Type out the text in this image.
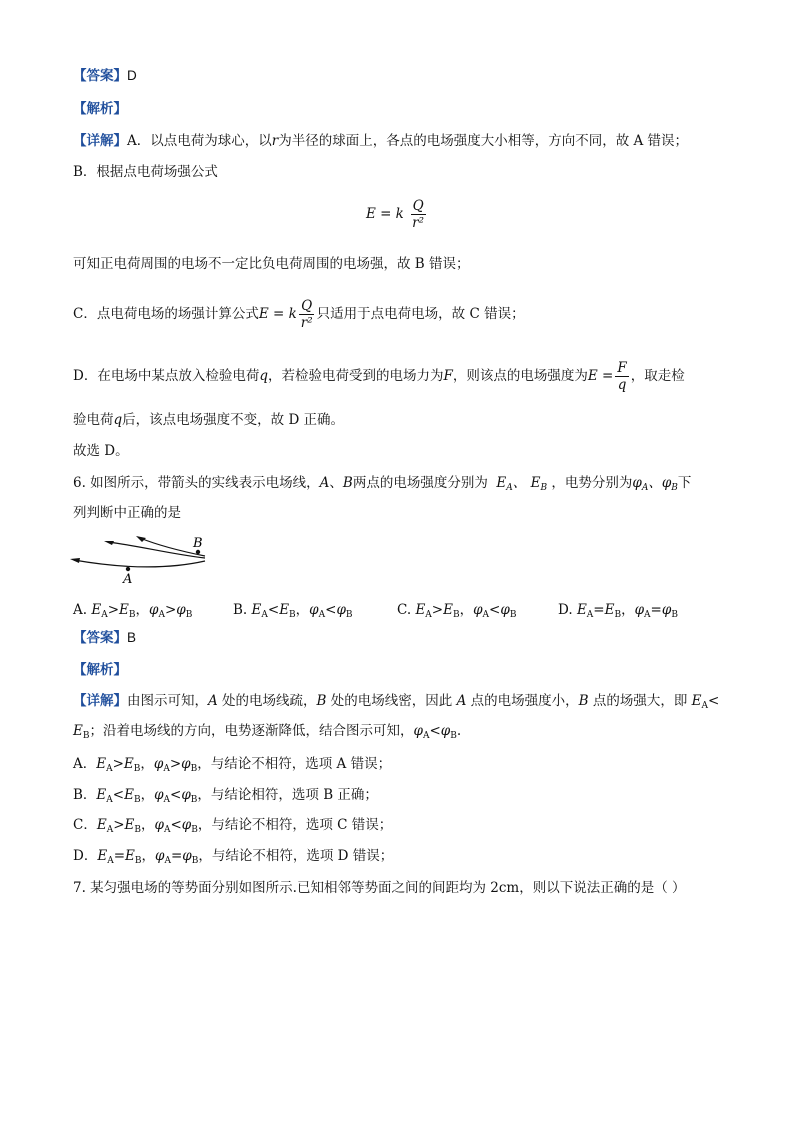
【答案】D
【解析】
【详解】A．以点电荷为球心，以r为半径的球面上，各点的电场强度大小相等，方向不同，故 A 错误；
B．根据点电荷场强公式
E = k $\frac{Q}{\text{r²}}$
可知正电荷周围的电场不一定比负电荷周围的电场强，故 B 错误；
C．点电荷电场的场强计算公式E = k $\frac{Q}{\text{r²}}$ 只适用于点电荷电场，故 C 错误；
D．在电场中某点放入检验电荷q，若检验电荷受到的电场力为F，则该点的电场强度为$E = \frac{F}{q}$ ，取走检
验电荷q后，该点电场强度不变，故 D 正确。
故选 D。
6. 如图所示，带箭头的实线表示电场线，A、B两点的电场强度分别为  $E_A$、 $E_B$ ，电势分别为$\varphi_A$、$\varphi_B$下
列判断中正确的是
B
A
A. $E_A>E_B$，$\varphi_A>\varphi_B$	B. $E_A<E_B$，$\varphi_A<\varphi_B$	C. $E_A>E_B$，$\varphi_A<\varphi_B$	D. $E_A=E_B$，$\varphi_A=\varphi_B$
【答案】B
【解析】
【详解】由图示可知，A 处的电场线疏，B 处的电场线密，因此 A 点的电场强度小，B 点的场强大，即 $E_A<$
$E_B$；沿着电场线的方向，电势逐渐降低，结合图示可知，$\varphi_A<\varphi_B$.
A．$E_A>E_B$，$\varphi_A>\varphi_B$，与结论不相符，选项 A 错误；
B．$E_A<E_B$，$\varphi_A<\varphi_B$，与结论相符，选项 B 正确；
C．$E_A>E_B$，$\varphi_A<\varphi_B$，与结论不相符，选项 C 错误；
D．$E_A=E_B$，$\varphi_A=\varphi_B$，与结论不相符，选项 D 错误；
7. 某匀强电场的等势面分别如图所示.已知相邻等势面之间的间距均为 2cm，则以下说法正确的是（ ）
